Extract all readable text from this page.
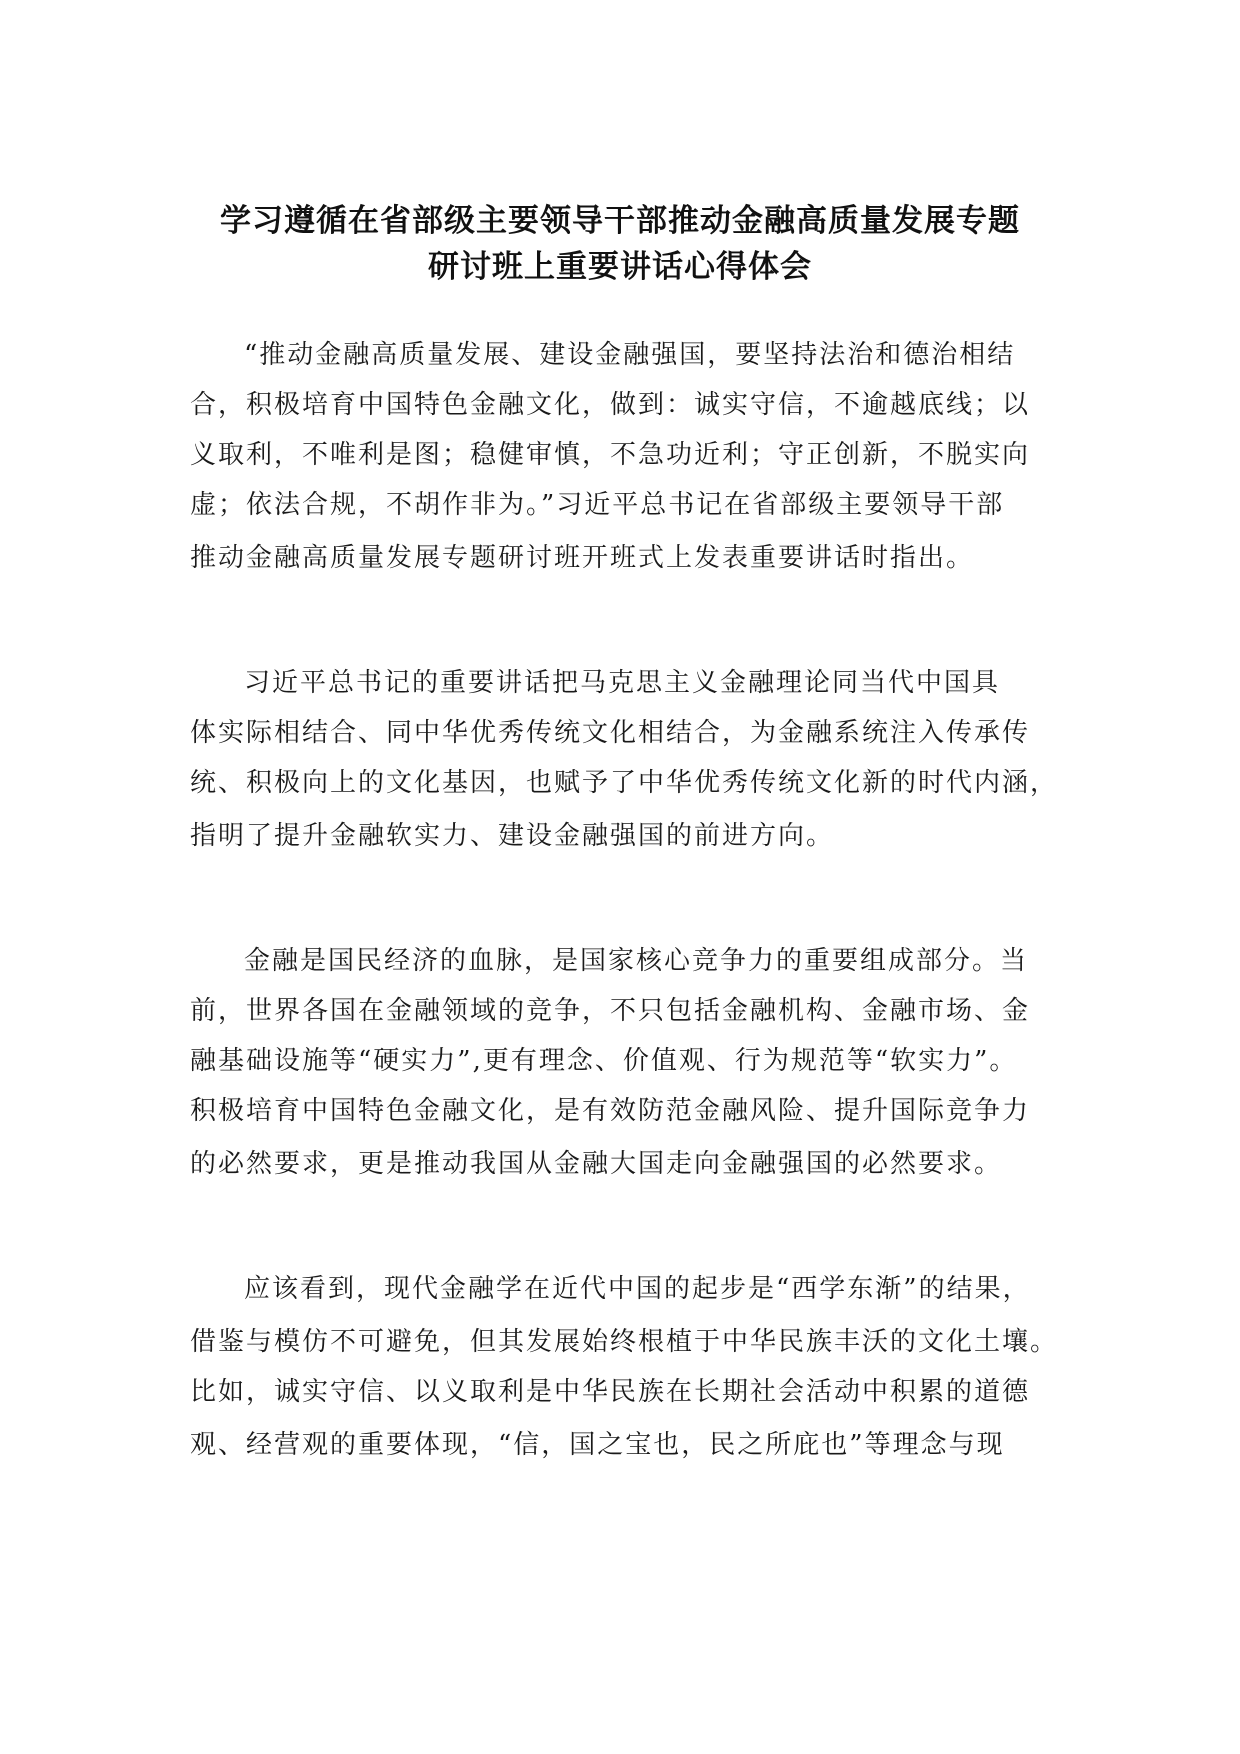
学习遵循在省部级主要领导干部推动金融高质量发展专题
研讨班上重要讲话心得体会
“推动金融高质量发展、建设金融强国，要坚持法治和德治相结
合，积极培育中国特色金融文化，做到：诚实守信，不逾越底线；以
义取利，不唯利是图；稳健审慎，不急功近利；守正创新，不脱实向
虚；依法合规，不胡作非为。”习近平总书记在省部级主要领导干部
推动金融高质量发展专题研讨班开班式上发表重要讲话时指出。
习近平总书记的重要讲话把马克思主义金融理论同当代中国具
体实际相结合、同中华优秀传统文化相结合，为金融系统注入传承传
统、积极向上的文化基因，也赋予了中华优秀传统文化新的时代内涵，
指明了提升金融软实力、建设金融强国的前进方向。
金融是国民经济的血脉，是国家核心竞争力的重要组成部分。当
前，世界各国在金融领域的竞争，不只包括金融机构、金融市场、金
融基础设施等“硬实力”,更有理念、价值观、行为规范等“软实力”。
积极培育中国特色金融文化，是有效防范金融风险、提升国际竞争力
的必然要求，更是推动我国从金融大国走向金融强国的必然要求。
应该看到，现代金融学在近代中国的起步是“西学东渐”的结果，
借鉴与模仿不可避免，但其发展始终根植于中华民族丰沃的文化土壤。
比如，诚实守信、以义取利是中华民族在长期社会活动中积累的道德
观、经营观的重要体现，“信，国之宝也，民之所庇也”等理念与现
